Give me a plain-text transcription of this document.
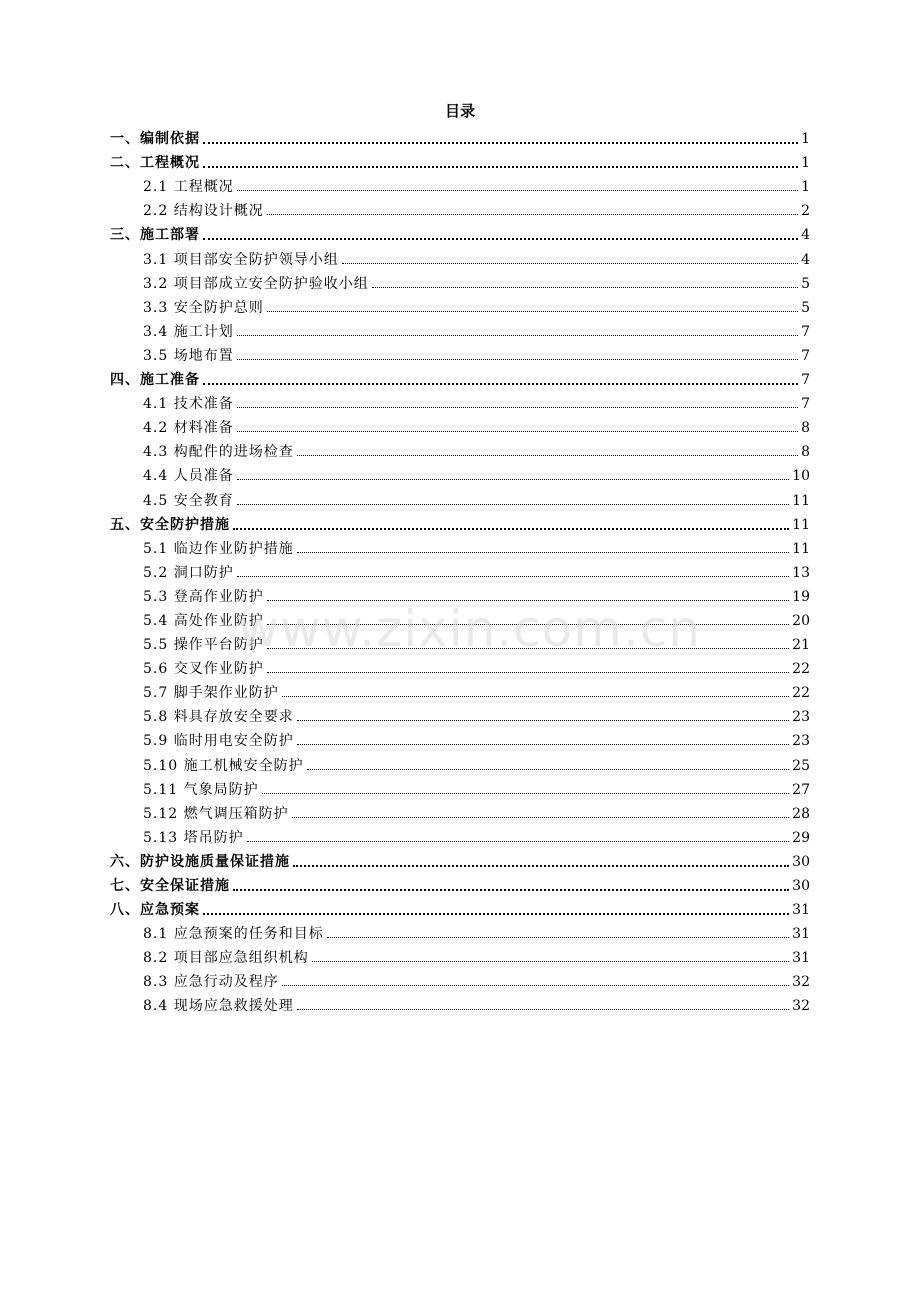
目录
一、编制依据	1
二、工程概况	1
2.1 工程概况	1
2.2 结构设计概况	2
三、施工部署	4
3.1 项目部安全防护领导小组	4
3.2 项目部成立安全防护验收小组	5
3.3 安全防护总则	5
3.4 施工计划	7
3.5 场地布置	7
四、施工准备	7
4.1 技术准备	7
4.2 材料准备	8
4.3 构配件的进场检查	8
4.4 人员准备	10
4.5 安全教育	11
五、安全防护措施	11
5.1 临边作业防护措施	11
5.2 洞口防护	13
5.3 登高作业防护	19
5.4 高处作业防护	20
5.5 操作平台防护	21
5.6 交叉作业防护	22
5.7 脚手架作业防护	22
5.8 料具存放安全要求	23
5.9 临时用电安全防护	23
5.10 施工机械安全防护	25
5.11 气象局防护	27
5.12 燃气调压箱防护	28
5.13 塔吊防护	29
六、防护设施质量保证措施	30
七、安全保证措施	30
八、应急预案	31
8.1 应急预案的任务和目标	31
8.2 项目部应急组织机构	31
8.3 应急行动及程序	32
8.4 现场应急救援处理	32
www.zixin.com.cn
